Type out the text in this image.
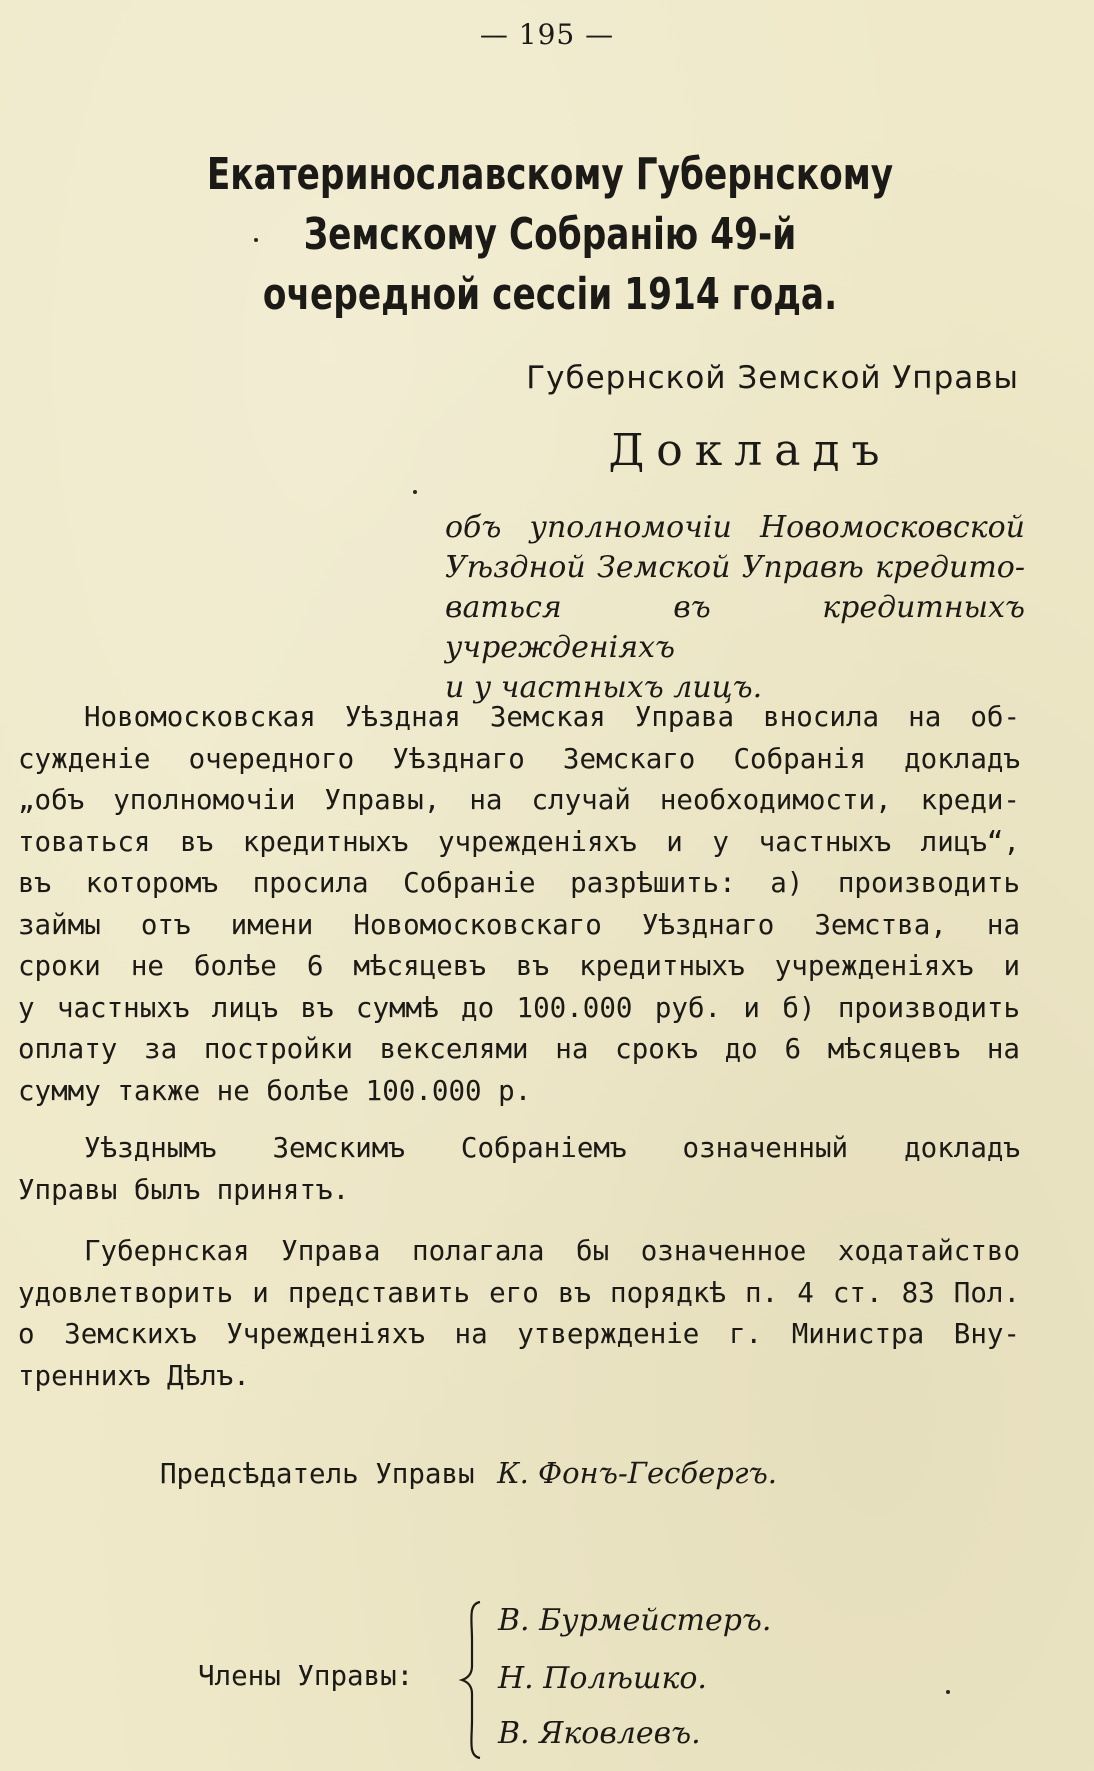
— 195 —
Екатеринославскому Губернскому Земскому Собранію 49-й
очередной сессіи 1914 года.
Губернской Земской Управы
Докладъ
объ уполномочіи Новомосковской
Уѣздной Земской Управѣ кредито-
ваться въ кредитныхъ учрежденіяхъ
и у частныхъ лицъ.
Новомосковская Уѣздная Земская Управа вносила на об-
сужденіе очередного Уѣзднаго Земскаго Собранія докладъ
„объ уполномочіи Управы, на случай необходимости, креди-
товаться въ кредитныхъ учрежденіяхъ и у частныхъ лицъ“,
въ которомъ просила Собраніе разрѣшить: а) производить
займы отъ имени Новомосковскаго Уѣзднаго Земства, на
сроки не болѣе 6 мѣсяцевъ въ кредитныхъ учрежденіяхъ и
у частныхъ лицъ въ суммѣ до 100.000 руб. и б) производить
оплату за постройки векселями на срокъ до 6 мѣсяцевъ на
сумму также не болѣе 100.000 р.
Уѣзднымъ Земскимъ Собраніемъ означенный докладъ
Управы былъ принятъ.
Губернская Управа полагала бы означенное ходатайство
удовлетворить и представить его въ порядкѣ п. 4 ст. 83 Пол.
о Земскихъ Учрежденіяхъ на утвержденіе г. Министра Вну-
треннихъ Дѣлъ.
Предсѣдатель Управы К. Фонъ-Гесбергъ.
Члены Управы:
В. Бурмейстеръ.
Н. Полѣшко.
В. Яковлевъ.
